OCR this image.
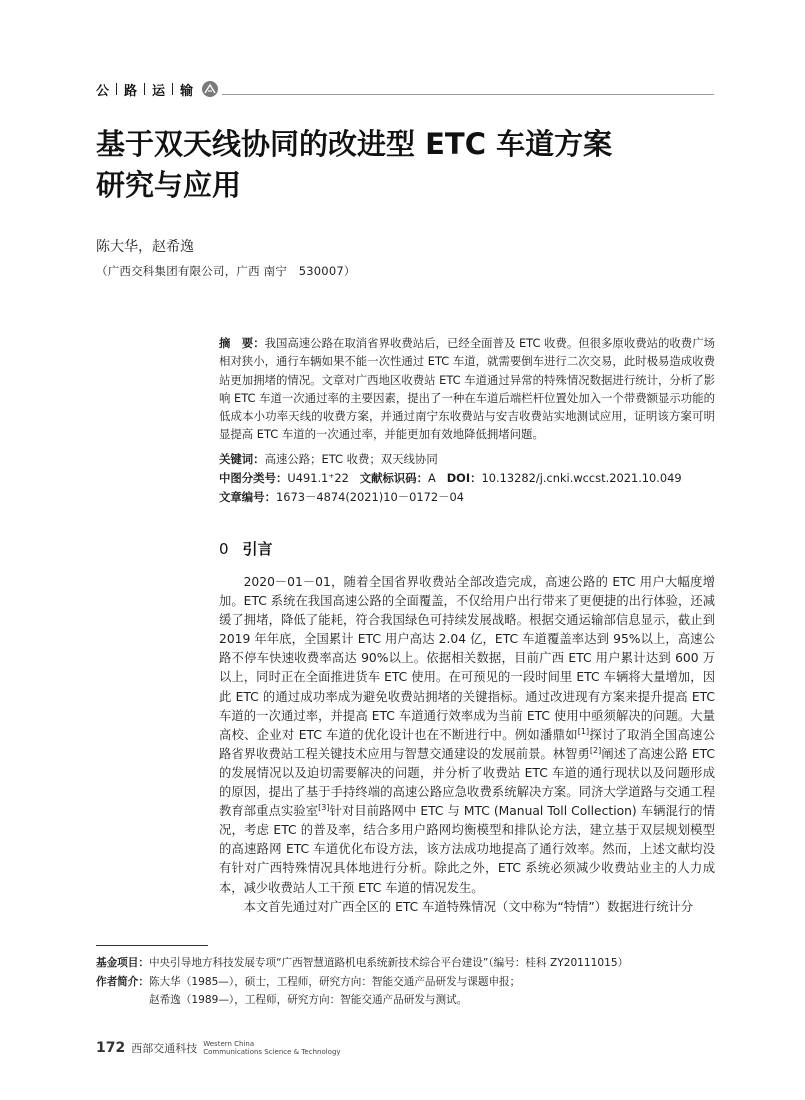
公 路 运 输
基于双天线协同的改进型 ETC 车道方案
研究与应用
陈大华，赵希逸
（广西交科集团有限公司，广西 南宁　530007）
摘　要：我国高速公路在取消省界收费站后，已经全面普及 ETC 收费。但很多原收费站的收费广场相对狭小，通行车辆如果不能一次性通过 ETC 车道，就需要倒车进行二次交易，此时极易造成收费站更加拥堵的情况。文章对广西地区收费站 ETC 车道通过异常的特殊情况数据进行统计，分析了影响 ETC 车道一次通过率的主要因素，提出了一种在车道后端栏杆位置处加入一个带费额显示功能的低成本小功率天线的收费方案，并通过南宁东收费站与安吉收费站实地测试应用，证明该方案可明显提高 ETC 车道的一次通过率，并能更加有效地降低拥堵问题。
关键词：高速公路；ETC 收费；双天线协同
中图分类号：U491.1⁺22 文献标识码：A DOI：10.13282/j.cnki.wccst.2021.10.049
文章编号：1673－4874(2021)10－0172－04
0 引言

2020－01－01，随着全国省界收费站全部改造完成，高速公路的 ETC 用户大幅度增加。ETC 系统在我国高速公路的全面覆盖，不仅给用户出行带来了更便捷的出行体验，还减缓了拥堵，降低了能耗，符合我国绿色可持续发展战略。根据交通运输部信息显示，截止到 2019 年年底，全国累计 ETC 用户高达 2.04 亿，ETC 车道覆盖率达到 95%以上，高速公路不停车快速收费率高达 90%以上。依据相关数据，目前广西 ETC 用户累计达到 600 万以上，同时正在全面推进货车 ETC 使用。在可预见的一段时间里 ETC 车辆将大量增加，因此 ETC 的通过成功率成为避免收费站拥堵的关键指标。通过改进现有方案来提升提高 ETC 车道的一次通过率，并提高 ETC 车道通行效率成为当前 ETC 使用中亟须解决的问题。大量高校、企业对 ETC 车道的优化设计也在不断进行中。例如潘鼎如[1]探讨了取消全国高速公路省界收费站工程关键技术应用与智慧交通建设的发展前景。林智勇[2]阐述了高速公路 ETC 的发展情况以及迫切需要解决的问题，并分析了收费站 ETC 车道的通行现状以及问题形成的原因，提出了基于手持终端的高速公路应急收费系统解决方案。同济大学道路与交通工程教育部重点实验室[3]针对目前路网中 ETC 与 MTC (Manual Toll Collection) 车辆混行的情况，考虑 ETC 的普及率，结合多用户路网均衡模型和排队论方法，建立基于双层规划模型的高速路网 ETC 车道优化布设方法，该方法成功地提高了通行效率。然而，上述文献均没有针对广西特殊情况具体地进行分析。除此之外，ETC 系统必须减少收费站业主的人力成本，减少收费站人工干预 ETC 车道的情况发生。

本文首先通过对广西全区的 ETC 车道特殊情况（文中称为“特情”）数据进行统计分

基金项目：中央引导地方科技发展专项“广西智慧道路机电系统新技术综合平台建设”（编号：桂科 ZY20111015）
作者简介：陈大华（1985—），硕士，工程师，研究方向：智能交通产品研发与课题申报；
赵希逸（1989—），工程师，研究方向：智能交通产品研发与测试。
172 西部交通科技 Western China
Communications Science & Technology
